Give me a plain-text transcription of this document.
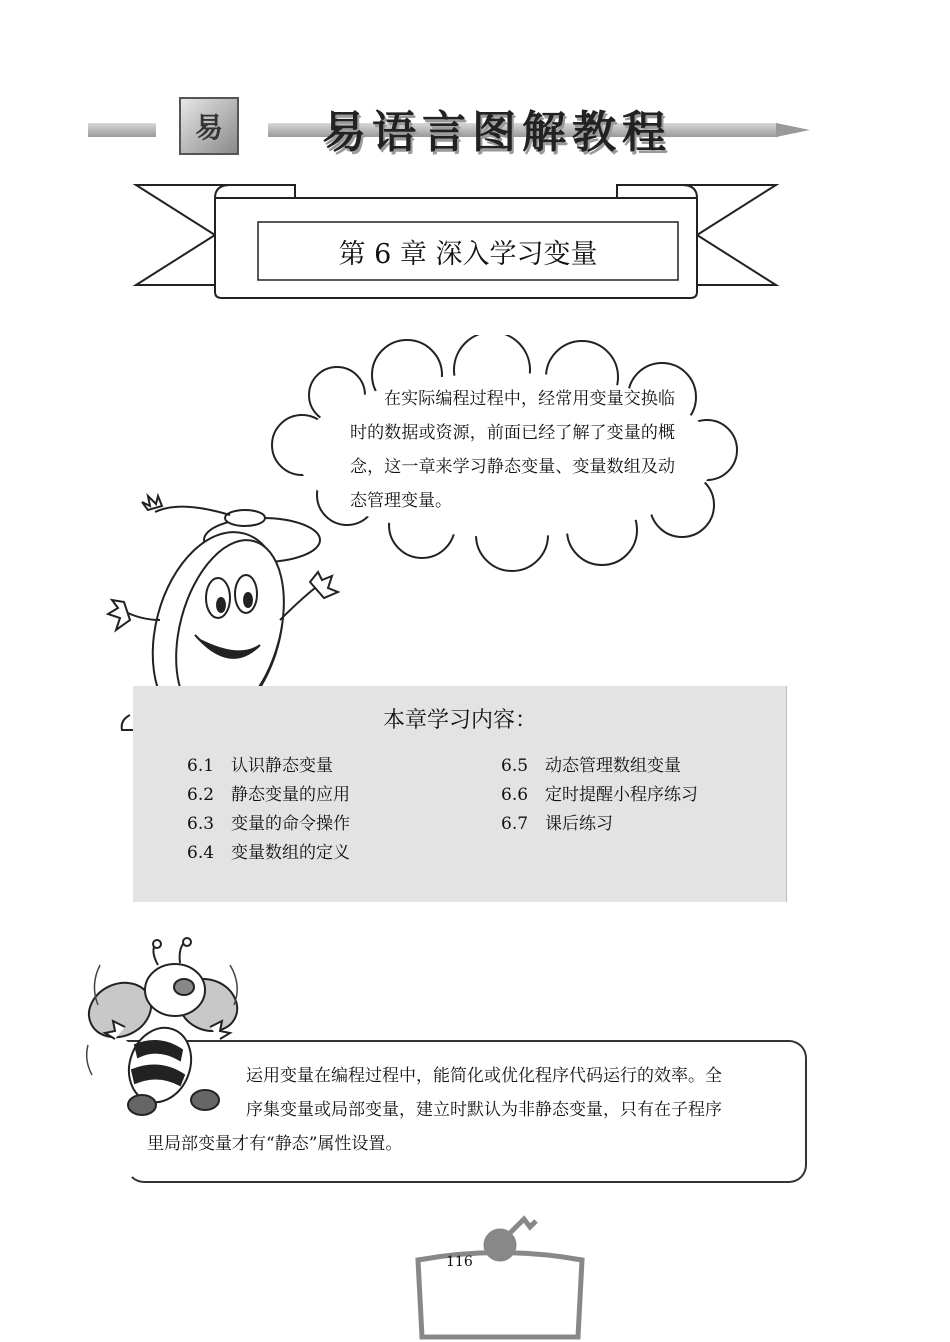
易 易语言图解教程
第 6 章 深入学习变量
在实际编程过程中，经常用变量交换临时的数据或资源，前面已经了解了变量的概念，这一章来学习静态变量、变量数组及动态管理变量。
本章学习内容：
6.1 认识静态变量
6.2 静态变量的应用
6.3 变量的命令操作
6.4 变量数组的定义
6.5 动态管理数组变量
6.6 定时提醒小程序练习
6.7 课后练习
运用变量在编程过程中，能简化或优化程序代码运行的效率。全
序集变量或局部变量，建立时默认为非静态变量，只有在子程序
里局部变量才有“静态”属性设置。
116
